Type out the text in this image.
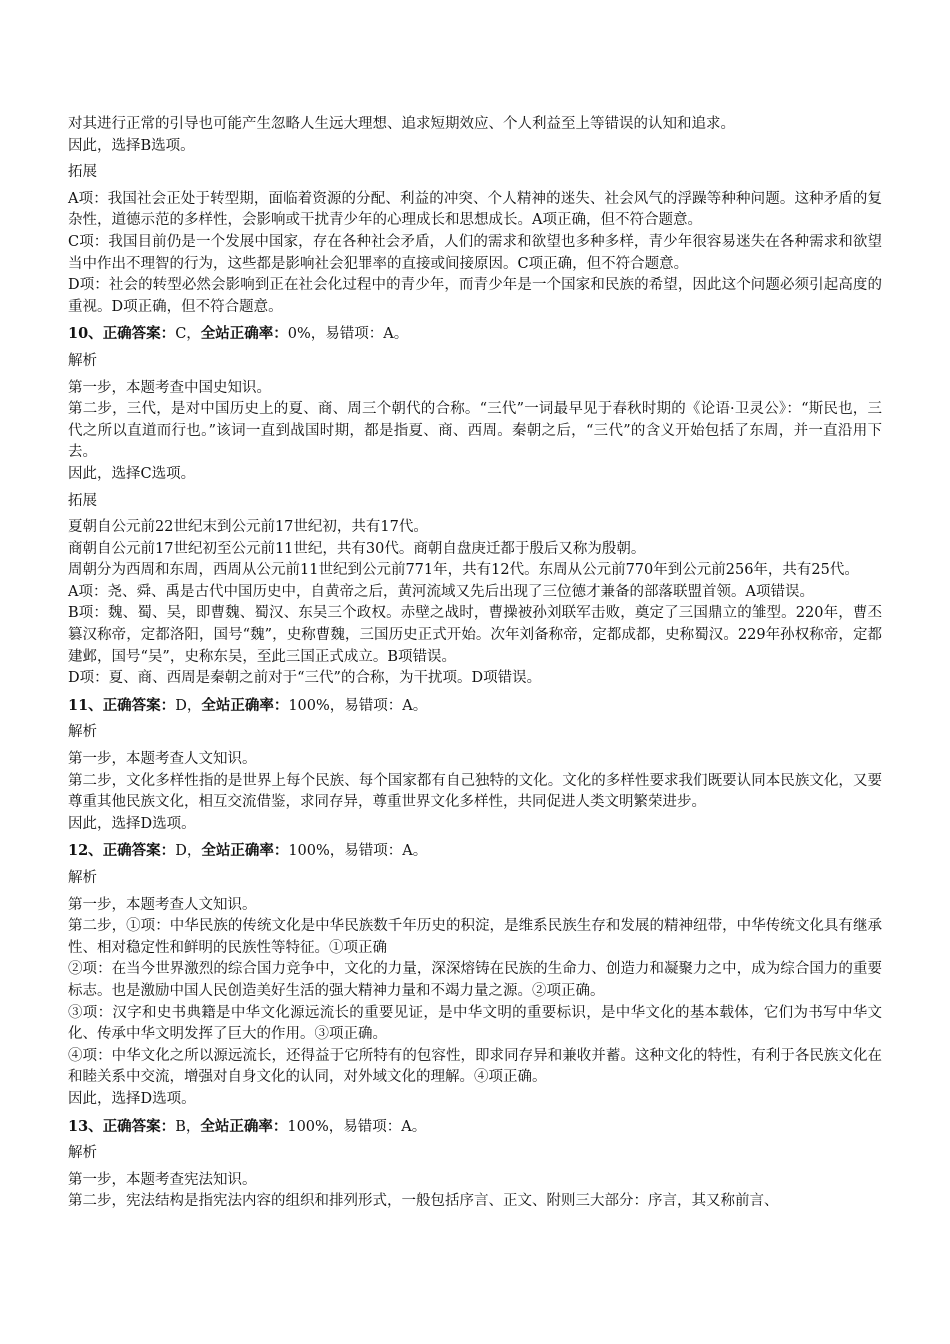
对其进行正常的引导也可能产生忽略人生远大理想、追求短期效应、个人利益至上等错误的认知和追求。
因此，选择B选项。
拓展
A项：我国社会正处于转型期，面临着资源的分配、利益的冲突、个人精神的迷失、社会风气的浮躁等种种问题。这种矛盾的复杂性，道德示范的多样性，会影响或干扰青少年的心理成长和思想成长。A项正确，但不符合题意。
C项：我国目前仍是一个发展中国家，存在各种社会矛盾，人们的需求和欲望也多种多样，青少年很容易迷失在各种需求和欲望当中作出不理智的行为，这些都是影响社会犯罪率的直接或间接原因。C项正确，但不符合题意。
D项：社会的转型必然会影响到正在社会化过程中的青少年，而青少年是一个国家和民族的希望，因此这个问题必须引起高度的重视。D项正确，但不符合题意。
10、正确答案：C，全站正确率：0%，易错项：A。
解析
第一步，本题考查中国史知识。
第二步，三代，是对中国历史上的夏、商、周三个朝代的合称。“三代”一词最早见于春秋时期的《论语·卫灵公》：“斯民也，三代之所以直道而行也。”该词一直到战国时期，都是指夏、商、西周。秦朝之后，“三代”的含义开始包括了东周，并一直沿用下去。
因此，选择C选项。
拓展
夏朝自公元前22世纪末到公元前17世纪初，共有17代。
商朝自公元前17世纪初至公元前11世纪，共有30代。商朝自盘庚迁都于殷后又称为殷朝。
周朝分为西周和东周，西周从公元前11世纪到公元前771年，共有12代。东周从公元前770年到公元前256年，共有25代。
A项：尧、舜、禹是古代中国历史中，自黄帝之后，黄河流域又先后出现了三位德才兼备的部落联盟首领。A项错误。
B项：魏、蜀、吴，即曹魏、蜀汉、东吴三个政权。赤壁之战时，曹操被孙刘联军击败，奠定了三国鼎立的雏型。220年，曹丕篡汉称帝，定都洛阳，国号“魏”，史称曹魏，三国历史正式开始。次年刘备称帝，定都成都，史称蜀汉。229年孙权称帝，定都建邺，国号“吴”，史称东吴，至此三国正式成立。B项错误。
D项：夏、商、西周是秦朝之前对于“三代”的合称，为干扰项。D项错误。
11、正确答案：D，全站正确率：100%，易错项：A。
解析
第一步，本题考查人文知识。
第二步，文化多样性指的是世界上每个民族、每个国家都有自己独特的文化。文化的多样性要求我们既要认同本民族文化，又要尊重其他民族文化，相互交流借鉴，求同存异，尊重世界文化多样性，共同促进人类文明繁荣进步。
因此，选择D选项。
12、正确答案：D，全站正确率：100%，易错项：A。
解析
第一步，本题考查人文知识。
第二步，①项：中华民族的传统文化是中华民族数千年历史的积淀，是维系民族生存和发展的精神纽带，中华传统文化具有继承性、相对稳定性和鲜明的民族性等特征。①项正确
②项：在当今世界激烈的综合国力竞争中，文化的力量，深深熔铸在民族的生命力、创造力和凝聚力之中，成为综合国力的重要标志。也是激励中国人民创造美好生活的强大精神力量和不竭力量之源。②项正确。
③项：汉字和史书典籍是中华文化源远流长的重要见证，是中华文明的重要标识，是中华文化的基本载体，它们为书写中华文化、传承中华文明发挥了巨大的作用。③项正确。
④项：中华文化之所以源远流长，还得益于它所特有的包容性，即求同存异和兼收并蓄。这种文化的特性，有利于各民族文化在和睦关系中交流，增强对自身文化的认同，对外域文化的理解。④项正确。
因此，选择D选项。
13、正确答案：B，全站正确率：100%，易错项：A。
解析
第一步，本题考查宪法知识。
第二步，宪法结构是指宪法内容的组织和排列形式，一般包括序言、正文、附则三大部分：序言，其又称前言、
